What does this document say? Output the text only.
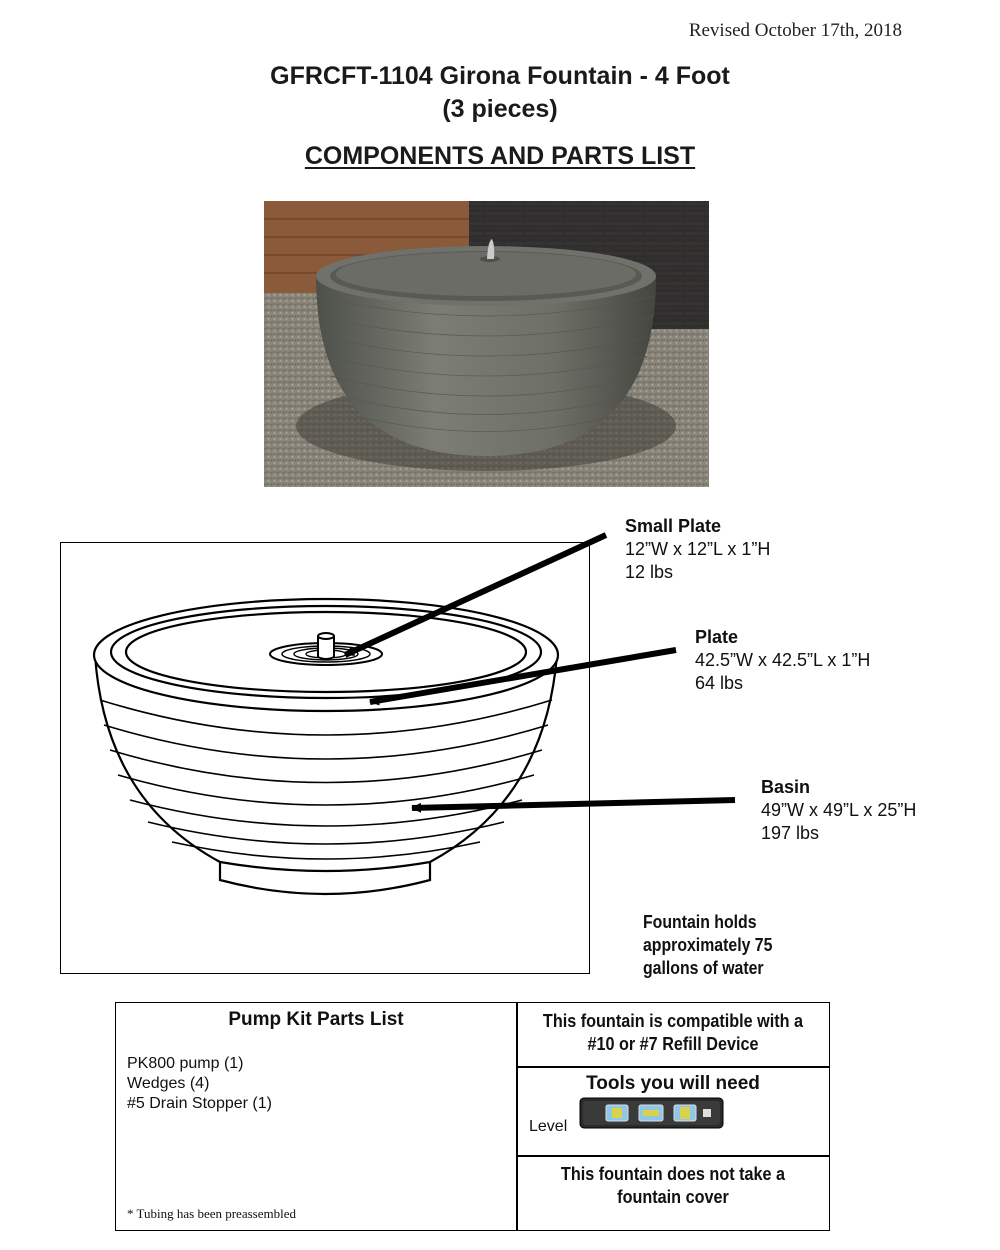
Revised October 17th, 2018
GFRCFT-1104 Girona Fountain - 4 Foot
(3 pieces)
COMPONENTS AND PARTS LIST
Small Plate
12”W x 12”L x 1”H
12 lbs
Plate
42.5”W x 42.5”L x 1”H
64 lbs
Basin
49”W x 49”L x 25”H
197 lbs
Fountain holds
approximately 75
gallons of water
Pump Kit Parts List
PK800 pump (1)
Wedges (4)
#5 Drain Stopper (1)
* Tubing has been preassembled
This fountain is compatible with a
#10 or #7 Refill Device
Tools you will need
Level
This fountain does not take a
fountain cover
